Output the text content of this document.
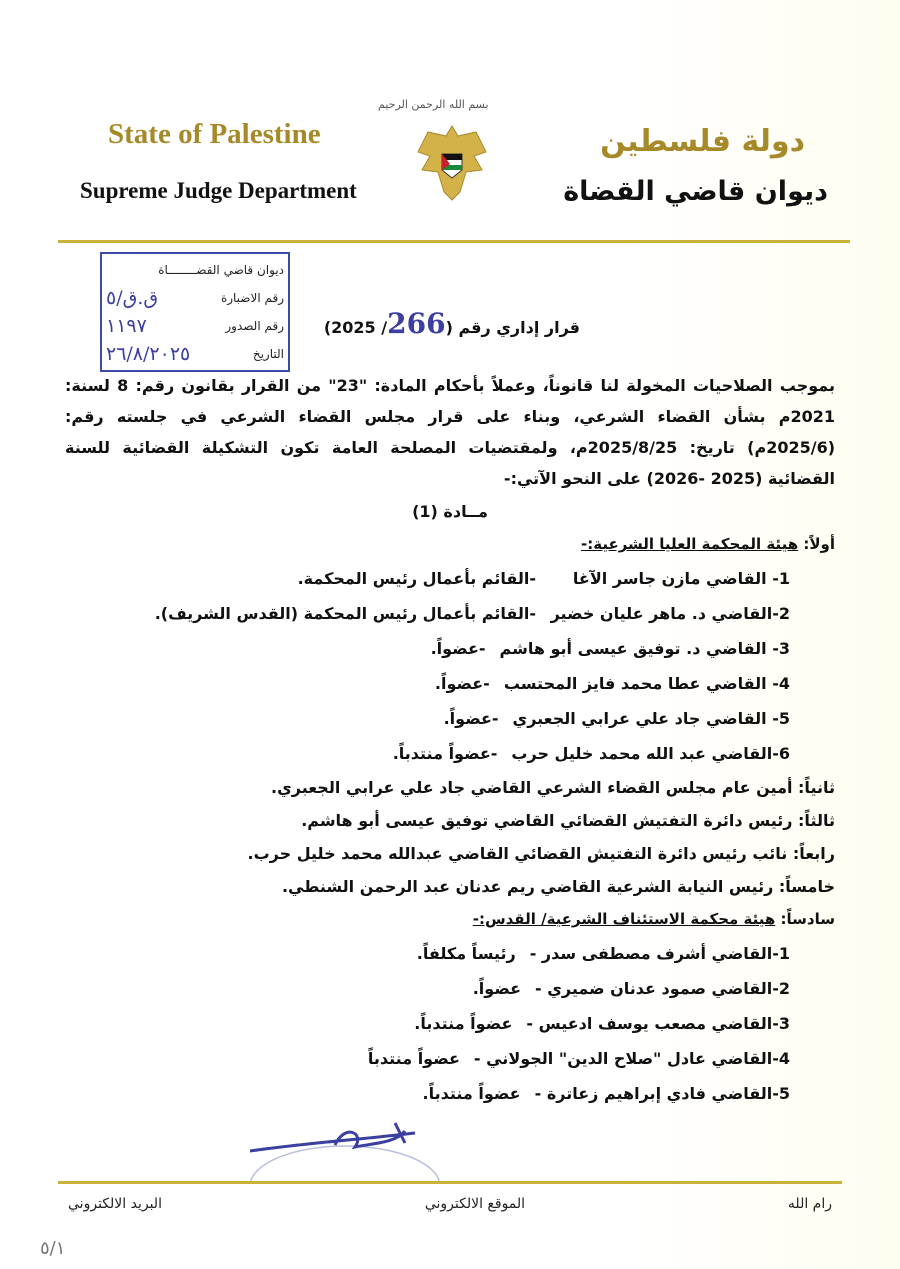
بسم الله الرحمن الرحيم
State of Palestine
Supreme Judge Department
دولة فلسطين
ديوان قاضي القضاة
ديوان قاضي القضــــــــاة
رقم الاضبارة
ق.ق/٥
رقم الصدور
١١٩٧
التاريخ
٢٦/٨/٢٠٢٥
قرار إداري رقم (266/ 2025)
بموجب الصلاحيات المخولة لنا قانوناً، وعملاً بأحكام المادة: "23" من القرار بقانون رقم: 8 لسنة: 2021م بشأن القضاء الشرعي، وبناء على قرار مجلس القضاء الشرعي في جلسته رقم: (2025/6م) تاريخ: 2025/8/25م، ولمقتضيات المصلحة العامة تكون التشكيلة القضائية للسنة القضائية (2025 -2026) على النحو الآتي:-
مــادة (1)
أولاً: هيئة المحكمة العليا الشرعية:-
1- القاضي مازن جاسر الآغا
-القائم بأعمال رئيس المحكمة.
2-القاضي د. ماهر عليان خضير
-القائم بأعمال رئيس المحكمة (القدس الشريف).
3- القاضي د. توفيق عيسى أبو هاشم
-عضواً.
4- القاضي عطا محمد فايز المحتسب
-عضواً.
5- القاضي جاد علي عرابي الجعبري
-عضواً.
6-القاضي عبد الله محمد خليل حرب
-عضواً منتدباً.
ثانياً: أمين عام مجلس القضاء الشرعي القاضي جاد علي عرابي الجعبري.
ثالثاً: رئيس دائرة التفتيش القضائي القاضي توفيق عيسى أبو هاشم.
رابعاً: نائب رئيس دائرة التفتيش القضائي القاضي عبدالله محمد خليل حرب.
خامساً: رئيس النيابة الشرعية القاضي ريم عدنان عبد الرحمن الشنطي.
سادساً: هيئة محكمة الاستئناف الشرعية/ القدس:-
1-القاضي أشرف مصطفى سدر -
رئيساً مكلفاً.
2-القاضي صمود عدنان ضميري -
عضواً.
3-القاضي مصعب يوسف ادعيس -
عضواً منتدباً.
4-القاضي عادل "صلاح الدين" الجولاني -
عضواً منتدباً
5-القاضي فادي إبراهيم زعاترة -
عضواً منتدباً.
رام الله
الموقع الالكتروني
البريد الالكتروني
٥/١
